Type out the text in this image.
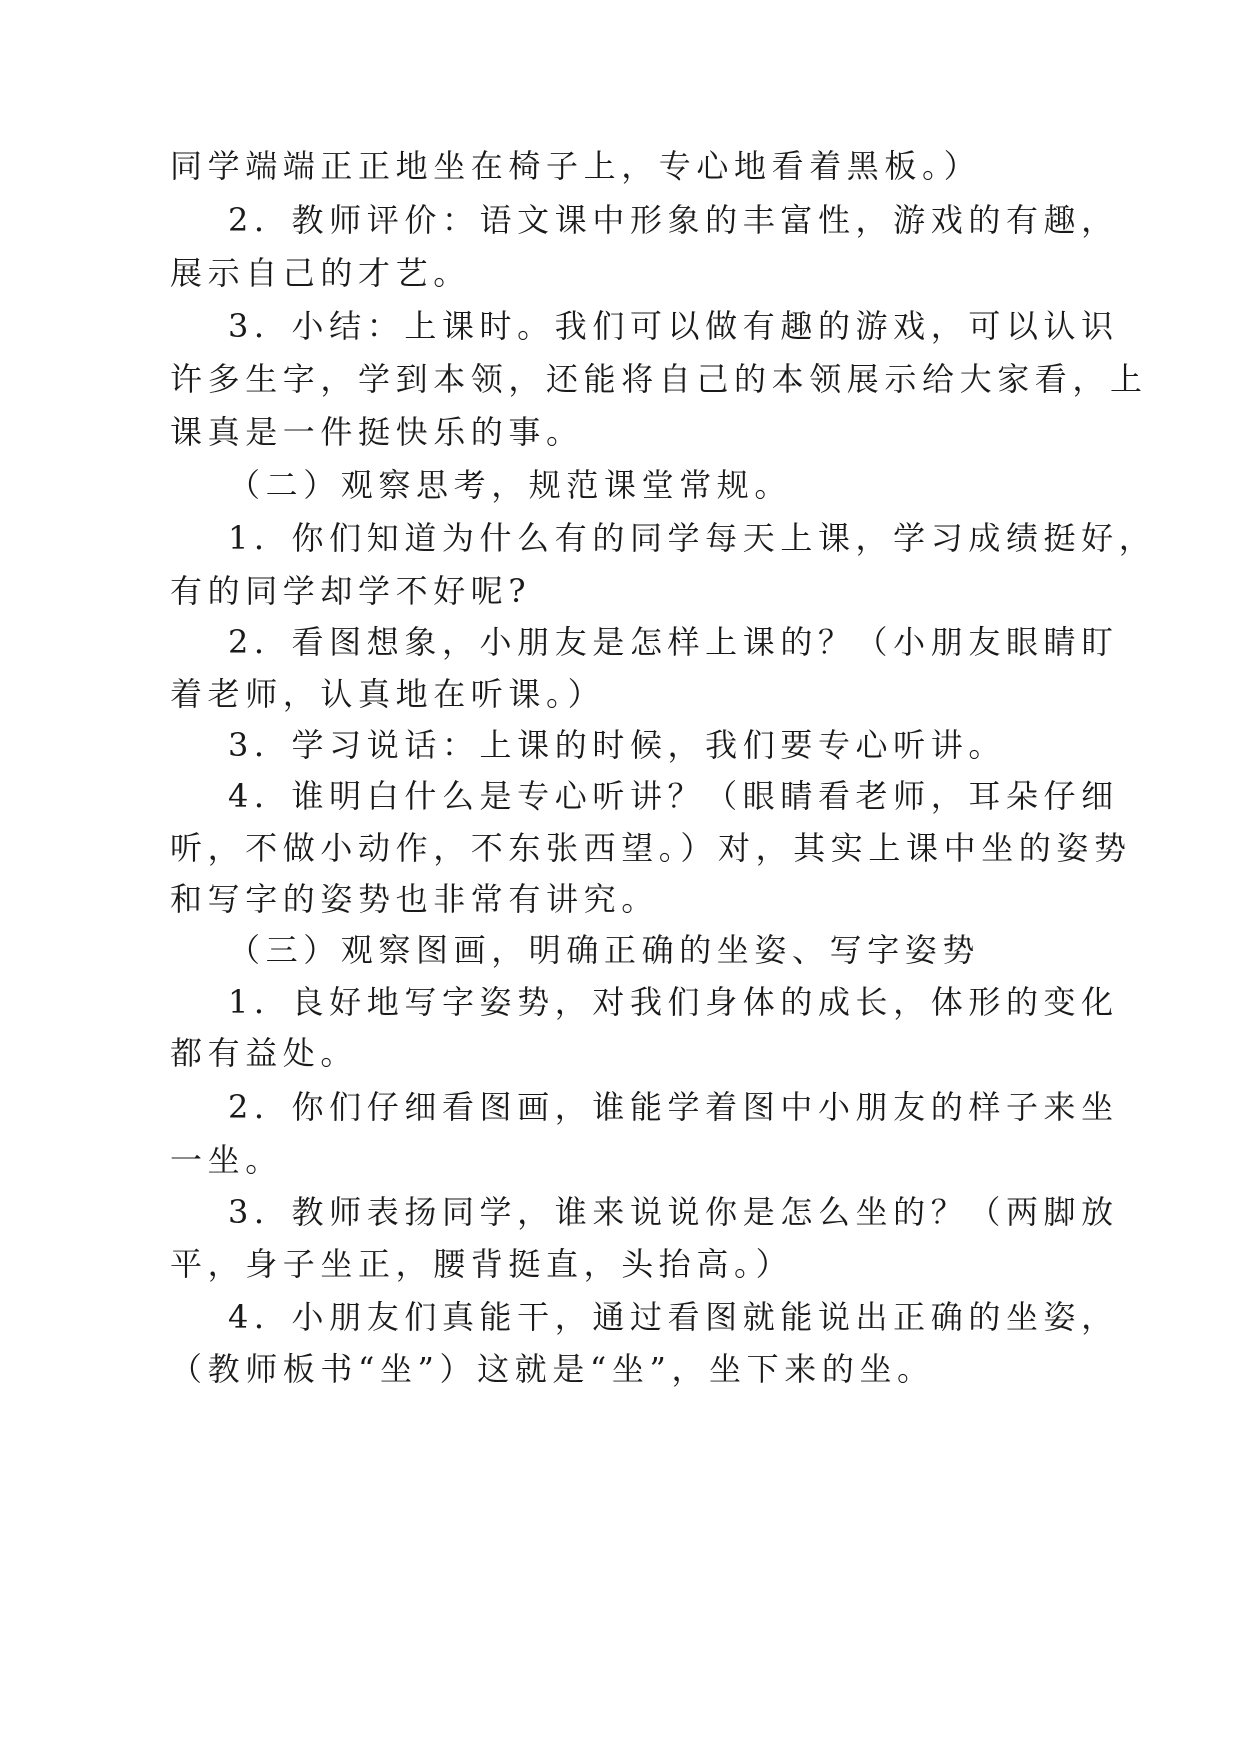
同学端端正正地坐在椅子上，专心地看着黑板。）

2．教师评价：语文课中形象的丰富性，游戏的有趣，

展示自己的才艺。

3．小结：上课时。我们可以做有趣的游戏，可以认识

许多生字，学到本领，还能将自己的本领展示给大家看，上

课真是一件挺快乐的事。

（二）观察思考，规范课堂常规。

1．你们知道为什么有的同学每天上课，学习成绩挺好，

有的同学却学不好呢?

2．看图想象，小朋友是怎样上课的？（小朋友眼睛盯

着老师，认真地在听课。）

3．学习说话：上课的时候，我们要专心听讲。

4．谁明白什么是专心听讲？（眼睛看老师，耳朵仔细

听，不做小动作，不东张西望。）对，其实上课中坐的姿势

和写字的姿势也非常有讲究。

（三）观察图画，明确正确的坐姿、写字姿势

1．良好地写字姿势，对我们身体的成长，体形的变化

都有益处。

2．你们仔细看图画，谁能学着图中小朋友的样子来坐

一坐。

3．教师表扬同学，谁来说说你是怎么坐的？（两脚放

平，身子坐正，腰背挺直，头抬高。）

4．小朋友们真能干，通过看图就能说出正确的坐姿，

（教师板书“坐”）这就是“坐”，坐下来的坐。
